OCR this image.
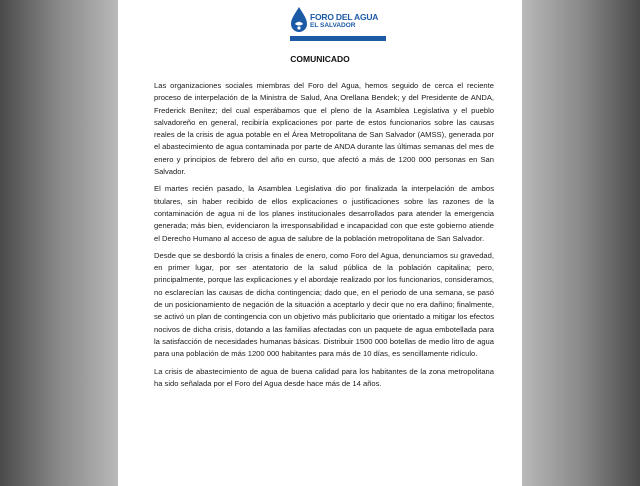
FORO DEL AGUA
EL SALVADOR
COMUNICADO

Las organizaciones sociales miembras del Foro del Agua, hemos seguido de cerca el reciente proceso de interpelación de la Ministra de Salud, Ana Orellana Bendek; y del Presidente de ANDA, Frederick Benítez; del cual esperábamos que el pleno de la Asamblea Legislativa y el pueblo salvadoreño en general, recibiría explicaciones por parte de estos funcionarios sobre las causas reales de la crisis de agua potable en el Área Metropolitana de San Salvador (AMSS), generada por el abastecimiento de agua contaminada por parte de ANDA durante las últimas semanas del mes de enero y principios de febrero del año en curso, que afectó a más de 1200 000 personas en San Salvador.

El martes recién pasado, la Asamblea Legislativa dio por finalizada la interpelación de ambos titulares, sin haber recibido de ellos explicaciones o justificaciones sobre las razones de la contaminación de agua ni de los planes institucionales desarrollados para atender la emergencia generada; más bien, evidenciaron la irresponsabilidad e incapacidad con que este gobierno atiende el Derecho Humano al acceso de agua de salubre de la población metropolitana de San Salvador.

Desde que se desbordó la crisis a finales de enero, como Foro del Agua, denunciamos su gravedad, en primer lugar, por ser atentatorio de la salud pública de la población capitalina; pero, principalmente, porque las explicaciones y el abordaje realizado por los funcionarios, consideramos, no esclarecían las causas de dicha contingencia; dado que, en el periodo de una semana, se pasó de un posicionamiento de negación de la situación a aceptarlo y decir que no era dañino; finalmente, se activó un plan de contingencia con un objetivo más publicitario que orientado a mitigar los efectos nocivos de dicha crisis, dotando a las familias afectadas con un paquete de agua embotellada para la satisfacción de necesidades humanas básicas. Distribuir 1500 000 botellas de medio litro de agua para una población de más 1200 000 habitantes para más de 10 días, es sencillamente ridículo.

La crisis de abastecimiento de agua de buena calidad para los habitantes de la zona metropolitana ha sido señalada por el Foro del Agua desde hace más de 14 años.
